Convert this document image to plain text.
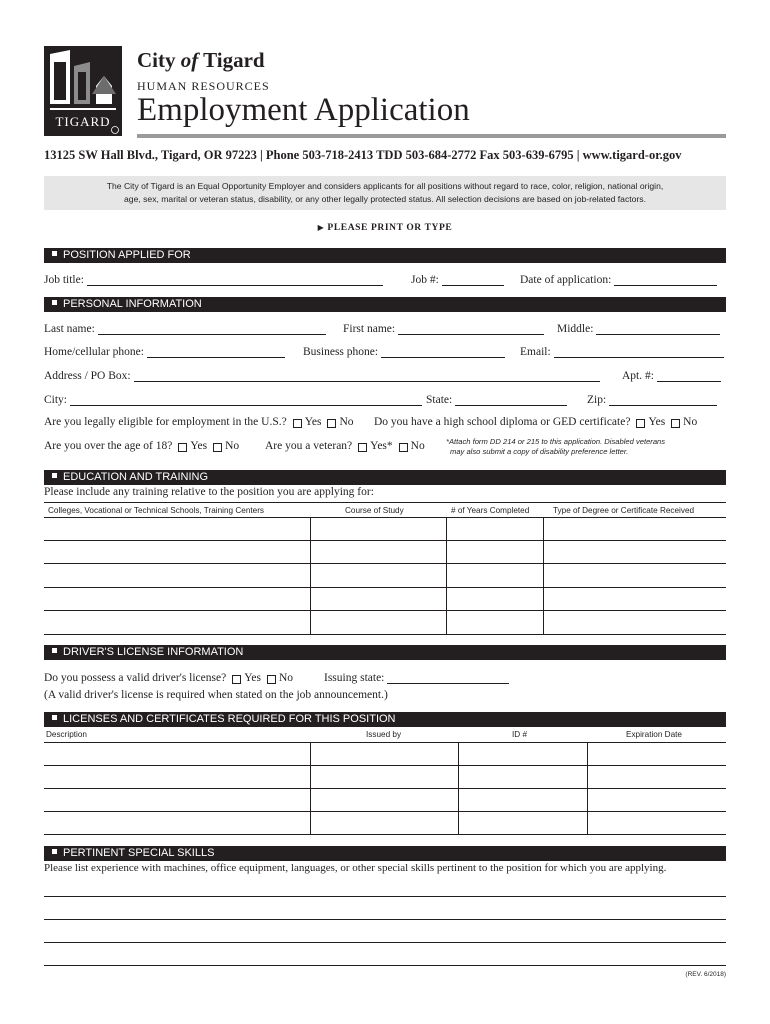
TIGARD
City of Tigard
HUMAN RESOURCES
Employment Application
13125 SW Hall Blvd., Tigard, OR 97223 | Phone 503-718-2413 TDD 503-684-2772 Fax 503-639-6795 | www.tigard-or.gov
The City of Tigard is an Equal Opportunity Employer and considers applicants for all positions without regard to race, color, religion, national origin,
age, sex, marital or veteran status, disability, or any other legally protected status. All selection decisions are based on job-related factors.
▶ PLEASE PRINT OR TYPE
POSITION APPLIED FOR
Job title:	Job #:	Date of application:
PERSONAL INFORMATION
Last name:	First name:	Middle:
Home/cellular phone:	Business phone:	Email:
Address / PO Box:	Apt. #:
City:	State:	Zip:
Are you legally eligible for employment in the U.S.? Yes No Do you have a high school diploma or GED certificate? Yes No
Are you over the age of 18? Yes No Are you a veteran? Yes* No	*Attach form DD 214 or 215 to this application. Disabled veterans
may also submit a copy of disability preference letter.
EDUCATION AND TRAINING
Please include any training relative to the position you are applying for:
Colleges, Vocational or Technical Schools, Training Centers	Course of Study	# of Years Completed	Type of Degree or Certificate Received
DRIVER'S LICENSE INFORMATION
Do you possess a valid driver's license? Yes No	Issuing state:
(A valid driver's license is required when stated on the job announcement.)
LICENSES AND CERTIFICATES REQUIRED FOR THIS POSITION
Description	Issued by	ID #	Expiration Date
PERTINENT SPECIAL SKILLS
Please list experience with machines, office equipment, languages, or other special skills pertinent to the position for which you are applying.
(REV. 6/2018)
